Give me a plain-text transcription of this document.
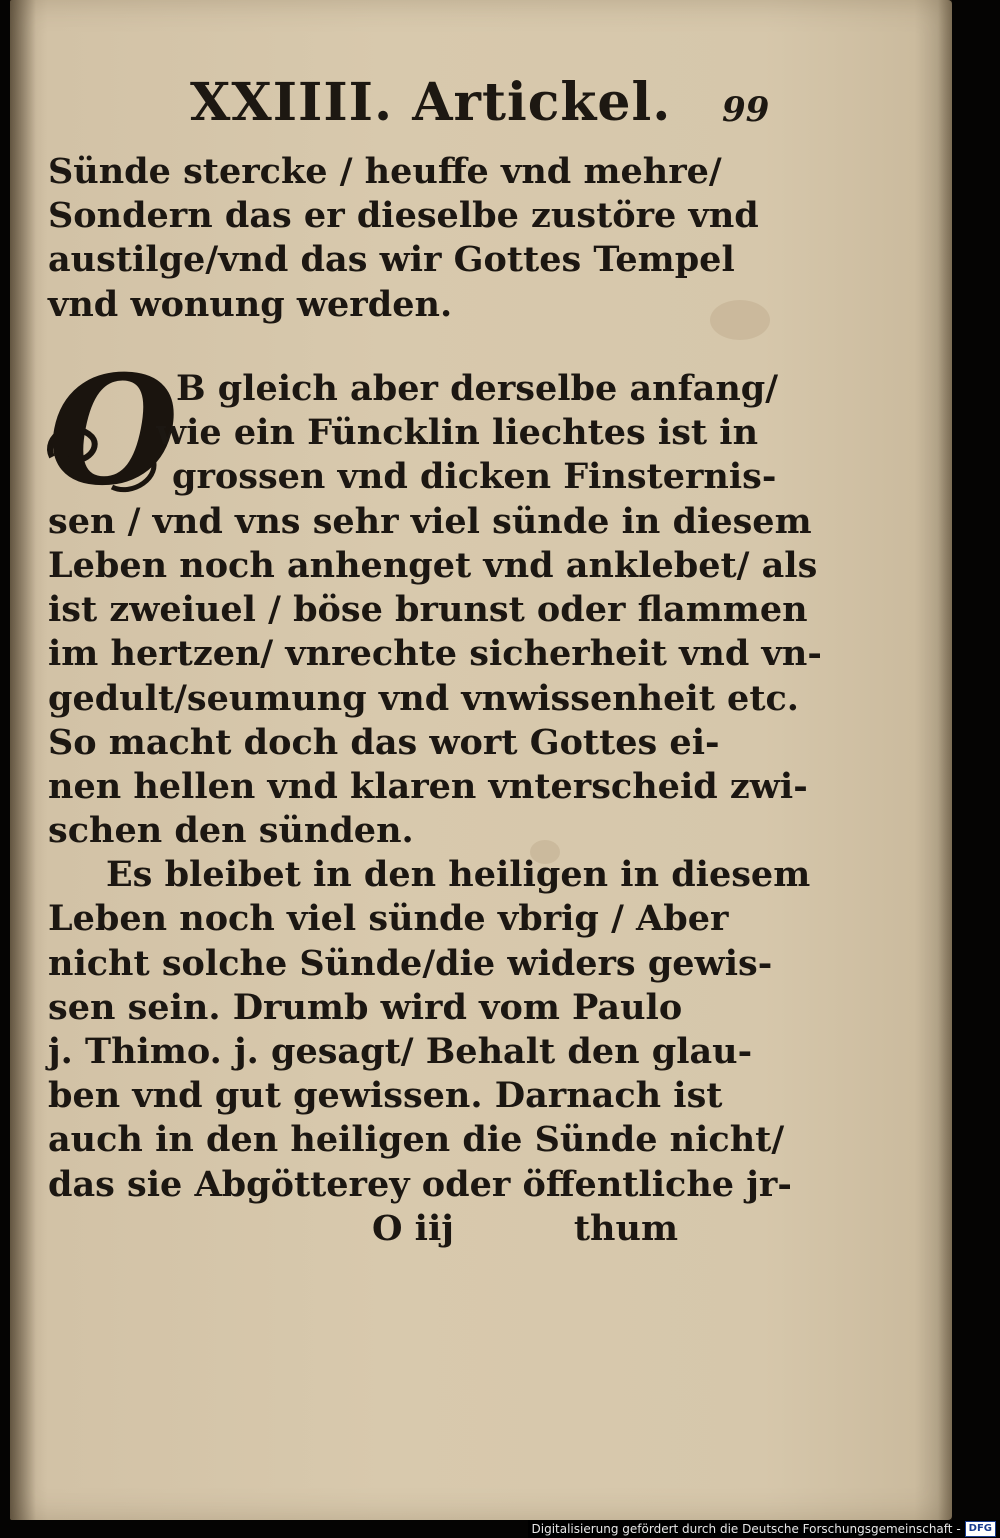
XXIIII. Artickel. 99
Sünde stercke / heuffe vnd mehre/
Sondern das er dieselbe zustöre vnd
austilge/vnd das wir Gottes Tempel
vnd wonung werden.
O
B gleich aber derselbe anfang/
wie ein Füncklin liechtes ist in
grossen vnd dicken Finsternis-
sen / vnd vns sehr viel sünde in diesem
Leben noch anhenget vnd anklebet/ als
ist zweiuel / böse brunst oder flammen
im hertzen/ vnrechte sicherheit vnd vn-
gedult/seumung vnd vnwissenheit etc.
So macht doch das wort Gottes ei-
nen hellen vnd klaren vnterscheid zwi-
schen den sünden.
Es bleibet in den heiligen in diesem
Leben noch viel sünde vbrig / Aber
nicht solche Sünde/die widers gewis-
sen sein. Drumb wird vom Paulo
j. Thimo. j. gesagt/ Behalt den glau-
ben vnd gut gewissen. Darnach ist
auch in den heiligen die Sünde nicht/
das sie Abgötterey oder öffentliche jr-
O iij	thum
Digitalisierung gefördert durch die Deutsche Forschungsgemeinschaft - DFG
